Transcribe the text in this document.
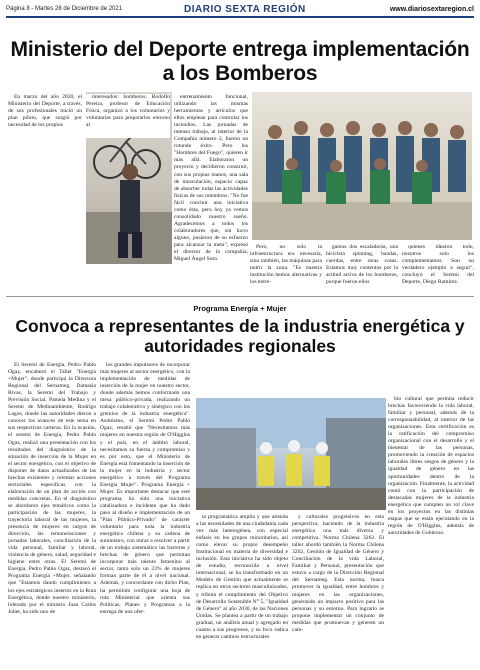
Página 8 - Martes 28 de Diciembre de 2021	DIARIO SEXTA REGIÓN	www.diariosextaregion.cl
Ministerio del Deporte entrega implementación a los Bomberos

En marzo del año 2020, el Ministerio del Deporte, a través, de sus profesionales inició un plan piloto, que surgió por necesidad de los propios

entrenamiento funcional, utilizando las mismas herramientas y artículos que ellos emplean para controlar los incendios. Las jornadas de intenso trabajo, al interior de la Compañía número 2, fueron un rotundo éxito. Pero los "Hombres del Fuego", quieren ir más allá. Elaboraron un proyecto y decidieron construir, con sus propias manos, una sala de musculación, espacio capaz de absorber todas las actividades físicas de sus miembros. "No fue fácil concluir una iniciativa como ésta, pero hoy ya vemos consolidado nuestro sueño. Agradecemos a todos los colaboradores que, sin lucro alguno, pusieron de su esfuerzo para alcanzar la meta", expresó el director de la compañía, Miguel Ángel Soto.

interesados: bomberos. Rodolfo Pereira, profesor de Educación Física, organizó a los voluntarios y voluntarias para prepararlos entorno al

Pero, no solo la infraestructura era necesaria, sino también, las máquinas para nutrir la zona. "Es nuestra institución hemos alternativas y los entre-

gamos dos escaladoras, una bicicleta spinning, bandas, cuerdas, entre otras cosas. Estamos muy contentos por la actitud activa de los bomberos, porque fueron ellos

quienes idearon todo, nosotros solo los complementamos. Son un verdadero ejemplo a seguir", concluyó el Seremi del Deporte, Diego Ramírez.

Programa Energía + Mujer
Convoca a representantes de la industria energética y autoridades regionales

El Seremi de Energía, Pedro Pablo Ogaz, encabezó el Taller "Energía +Mujer", donde participó la Directora Regional del Sernameg, Damasia Rivas, la Seremi del Trabajo y Previsión Social, Pamela Medina y el Seremi de Medioambiente, Rodrigo Lagos, donde las autoridades dieron a conocer los avances de este tema en sus respectivas carteras. En la ocasión, el seremi de Energía, Pedro Pablo Ogaz, realizó una presentación con los resultados del diagnóstico de la situación de inserción de la Mujer en el sector energético, con el objetivo de disponer de datos actualizados de las brechas existentes y orientar acciones sectoriales específicas con la elaboración de un plan de acción con medidas concretas. En el diagnóstico se abordaron ejes temáticos como la participación de las mujeres, la trayectoria laboral de las mujeres, la presencia de mujeres en cargos de dirección, las remuneraciones y jornadas laborales, conciliación de la vida personal, familiar y laboral, violencia de género, salud, seguridad e higiene entre otras. El Seremi de Energía, Pedro Pablo Ogaz, destacó el Programa Energía +Mujer, señalando que "Estamos dando cumplimiento a los ejes estratégicos insertos en la Ruta Energética, donde nuestro ministerio, liderado por el ministro Juan Carlos Jobet, ha sido uno de

los grandes impulsores de incorporar más mujeres al sector energético, con la implementación de medidas de inserción de la mujer en nuestro sector, donde además hemos conformado una mesa público-privada, realizando un trabajo colaborativo y sinérgico con los gremios de la industria energética". Asimismo, el Seremi Pedro Pablo Ogaz, resaltó que "Necesitamos más mujeres en nuestra región de O'Higgins y el país, en el ámbito laboral, necesitamos su fuerza y compromiso y es por esto, que el Ministerio de Energía está fomentando la inserción de la mujer en la industria y sector energético a través del Programa Energía Mujer". Programa Energía + Mujer. Es importante destacar que este programa, ha sido una iniciativa catalizadora e incidente que ha dado paso al diseño e implementación de un "Plan Público-Privado" de carácter voluntario para toda la industria energética chilena y su cadena de suministro, con miras a resolver a partir de un trabajo sistemático las barreras y brechas de género que permitan incorporar más talento femenino al sector, tanto solo un 23% de mujeres forman parte de él a nivel nacional. Además, y concordante con dicho Plan, ha permitido configurar una hoja de ruta Ministerial que orienta sus Políticas, Planes y Programas a la entrega de una ofer-

ta programática amplia y que atienda a las necesidades de una ciudadanía cada vez más heterogénea, con especial énfasis en los grupos minoritarios, así como elevar su propio desempeño Institucional en materia de diversidad e inclusión. Esta iniciativa ha sido objeto de estudio, reconocida a nivel internacional, se ha transformado en un Modelo de Gestión que actualmente se replica en otros sectores masculinizados, y tributa el cumplimiento del Objetivo de Desarrollo Sostenible N° 5, "Igualdad de Género" al año 2030, de las Naciones Unidas. Se plantea a partir de un trabajo gradual, un análisis anual y agregado en cuanto a sus progresos, y su foco radica en generar cambios estructurales

y culturales progresivos en esta perspectiva, haciendo de la industria energética una más diversa y competitiva. Norma Chilena 3262. El taller abordó también la Norma Chilena 3262, Gestión de Igualdad de Género y Conciliación de la vida Laboral, Familiar y Personal, presentación que estuvo a cargo de la Dirección Regional del Sernameg. Esta norma, busca promover la igualdad, entre hombres y mujeres en las organizaciones, generando un impacto positivo para las personas y su entorno. Para lograrlo se propone implementar un conjunto de medidas que promuevan y generen un cam-

bio cultural que permita reducir brechas favoreciendo la vida laboral, familiar y personal, además de la corresponsabilidad, al interior de las organizaciones. Esta certificación es la ratificación del compromiso organizacional con el desarrollo y el bienestar de las personas, promoviendo la creación de espacios laborales libres sesgos de género y la igualdad de género en las oportunidades dentro de la organización. Finalmente, la actividad contó con la participación de destacadas mujeres de la industria energética que cumplen un rol clave en los proyectos en las distintas etapas que se están ejecutando en la región de O'Higgins, además de autoridades de Gobierno.
